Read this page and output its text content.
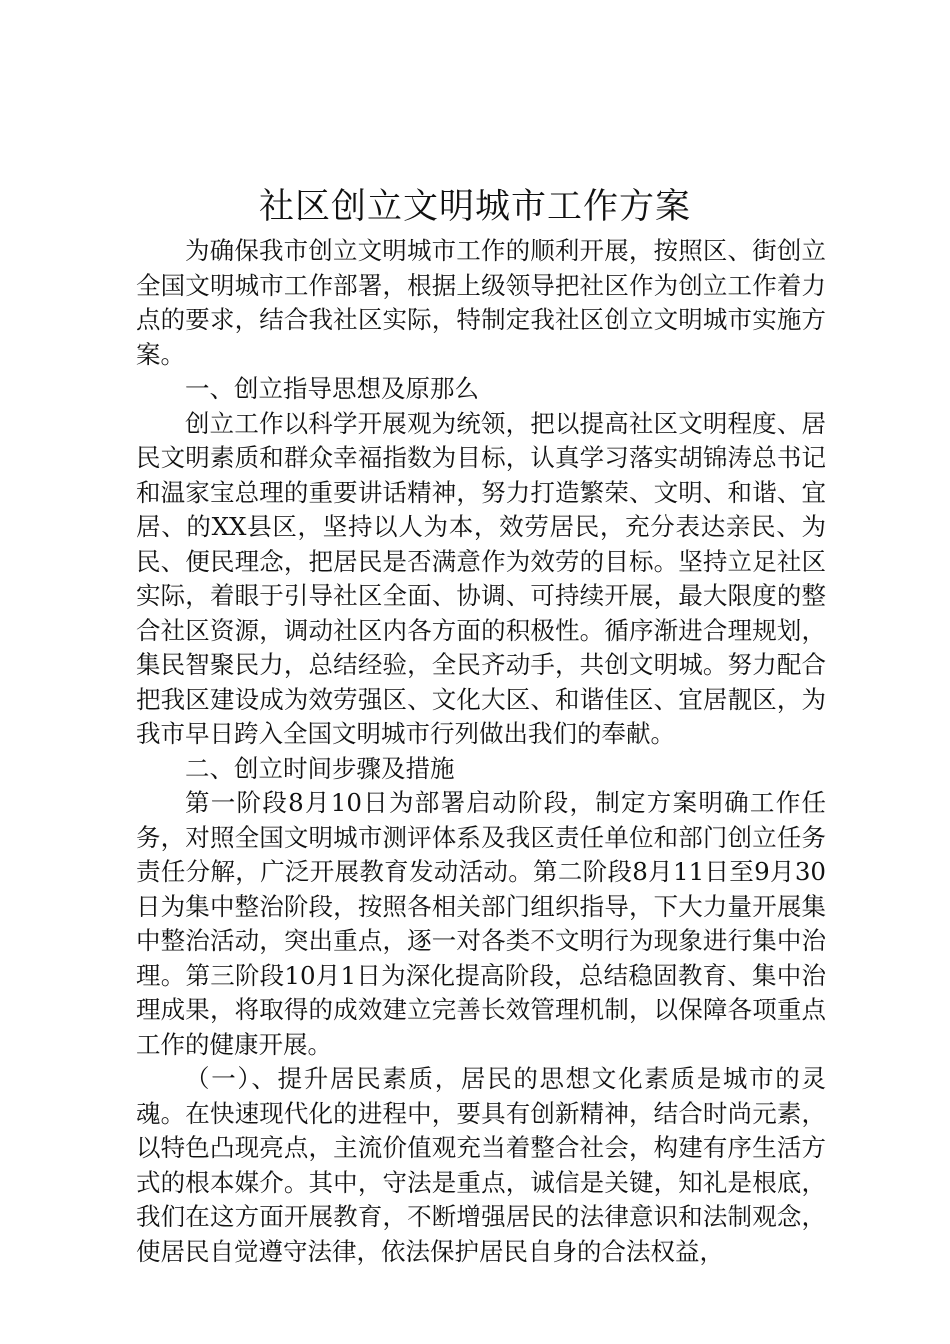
社区创立文明城市工作方案

为确保我市创立文明城市工作的顺利开展，按照区、街创立全国文明城市工作部署，根据上级领导把社区作为创立工作着力点的要求，结合我社区实际，特制定我社区创立文明城市实施方案。

一、创立指导思想及原那么

创立工作以科学开展观为统领，把以提高社区文明程度、居民文明素质和群众幸福指数为目标，认真学习落实胡锦涛总书记和温家宝总理的重要讲话精神，努力打造繁荣、文明、和谐、宜居、的XX县区，坚持以人为本，效劳居民，充分表达亲民、为民、便民理念，把居民是否满意作为效劳的目标。坚持立足社区实际，着眼于引导社区全面、协调、可持续开展，最大限度的整合社区资源，调动社区内各方面的积极性。循序渐进合理规划，集民智聚民力，总结经验，全民齐动手，共创文明城。努力配合把我区建设成为效劳强区、文化大区、和谐佳区、宜居靓区，为我市早日跨入全国文明城市行列做出我们的奉献。

二、创立时间步骤及措施

第一阶段8月10日为部署启动阶段，制定方案明确工作任务，对照全国文明城市测评体系及我区责任单位和部门创立任务责任分解，广泛开展教育发动活动。第二阶段8月11日至9月30日为集中整治阶段，按照各相关部门组织指导，下大力量开展集中整治活动，突出重点，逐一对各类不文明行为现象进行集中治理。第三阶段10月1日为深化提高阶段，总结稳固教育、集中治理成果，将取得的成效建立完善长效管理机制，以保障各项重点工作的健康开展。

（一）、提升居民素质，居民的思想文化素质是城市的灵魂。在快速现代化的进程中，要具有创新精神，结合时尚元素，以特色凸现亮点，主流价值观充当着整合社会，构建有序生活方式的根本媒介。其中，守法是重点，诚信是关键，知礼是根底，我们在这方面开展教育，不断增强居民的法律意识和法制观念，使居民自觉遵守法律，依法保护居民自身的合法权益，
